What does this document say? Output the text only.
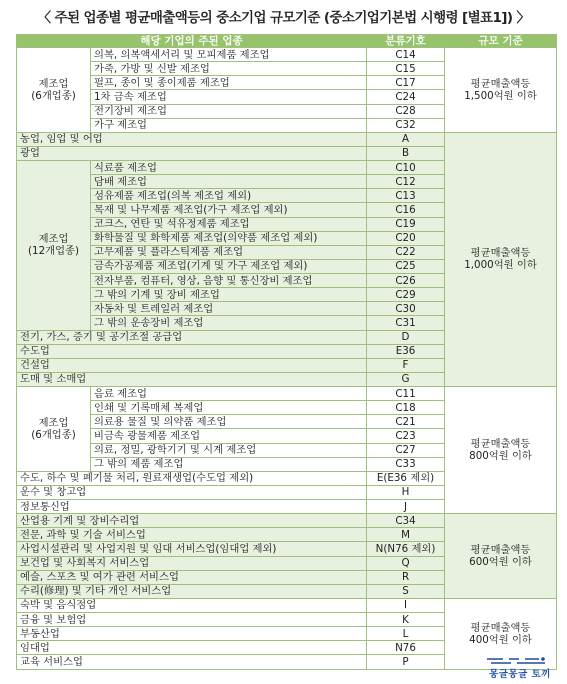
〈 주된 업종별 평균매출액등의 중소기업 규모기준 (중소기업기본법 시행령 [별표1]) 〉
해당 기업의 주된 업종		분류기호	규모 기준
제조업
(6개업종)	의복, 의복액세서리 및 모피제품 제조업	C14	평균매출액등
1,500억원 이하
	가죽, 가방 및 신발 제조업	C15	
	펄프, 종이 및 종이제품 제조업	C17	
	1차 금속 제조업	C24	
	전기장비 제조업	C28	
	가구 제조업	C32	
농업, 임업 및 어업		A	평균매출액등
1,000억원 이하
광업		B	
제조업
(12개업종)	식료품 제조업	C10	
	담배 제조업	C12	
	섬유제품 제조업(의복 제조업 제외)	C13	
	목재 및 나무제품 제조업(가구 제조업 제외)	C16	
	코크스, 연탄 및 석유정제품 제조업	C19	
	화학물질 및 화학제품 제조업(의약품 제조업 제외)	C20	
	고무제품 및 플라스틱제품 제조업	C22	
	금속가공제품 제조업(기계 및 가구 제조업 제외)	C25	
	전자부품, 컴퓨터, 영상, 음향 및 통신장비 제조업	C26	
	그 밖의 기계 및 장비 제조업	C29	
	자동차 및 트레일러 제조업	C30	
	그 밖의 운송장비 제조업	C31	
전기, 가스, 증기 및 공기조절 공급업		D	
수도업		E36	
건설업		F	
도매 및 소매업		G	
제조업
(6개업종)	음료 제조업	C11	평균매출액등
800억원 이하
	인쇄 및 기록매체 복제업	C18	
	의료용 물질 및 의약품 제조업	C21	
	비금속 광물제품 제조업	C23	
	의료, 정밀, 광학기기 및 시계 제조업	C27	
	그 밖의 제품 제조업	C33	
수도, 하수 및 폐기물 처리, 원료재생업(수도업 제외)		E(E36 제외)	
운수 및 창고업		H	
정보통신업		J	
산업용 기계 및 장비수리업		C34	평균매출액등
600억원 이하
전문, 과학 및 기술 서비스업		M	
사업시설관리 및 사업지원 및 임대 서비스업(임대업 제외)		N(N76 제외)	
보건업 및 사회복지 서비스업		Q	
예술, 스포츠 및 여가 관련 서비스업		R	
수리(修理) 및 기타 개인 서비스업		S	
숙박 및 음식점업		I	평균매출액등
400억원 이하
금융 및 보험업		K	
부동산업		L	
임대업		N76	
교육 서비스업		P	
몽글몽글 토끼
